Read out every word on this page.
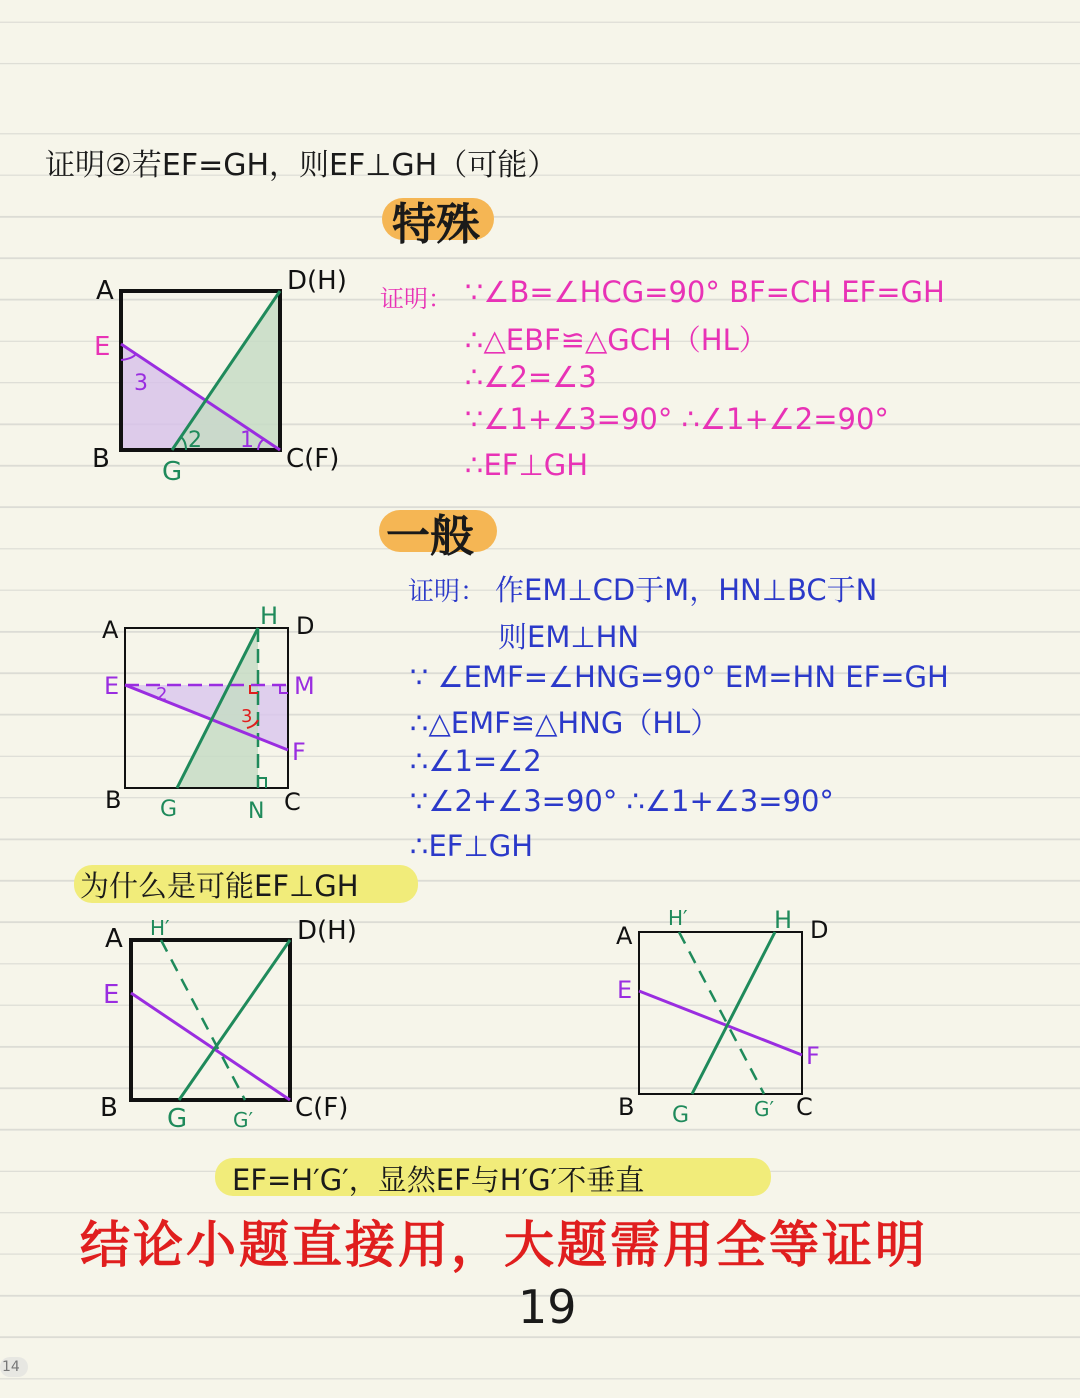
证明②若EF=GH，则EF⊥GH（可能）
特殊
A	D(H)
E
B G	C(F)
3
2 1
证明： ∵∠B=∠HCG=90° BF=CH EF=GH
∴△EBF≌△GCH（HL）
∴∠2=∠3
∵∠1+∠3=90° ∴∠1+∠2=90°
∴EF⊥GH
一般
A	H D
E	M
F
B G	N C
2
3
证明： 作EM⊥CD于M，HN⊥BC于N
则EM⊥HN
∵ ∠EMF=∠HNG=90° EM=HN EF=GH
∴△EMF≌△HNG（HL）
∴∠1=∠2
∵∠2+∠3=90° ∴∠1+∠3=90°
∴EF⊥GH
为什么是可能EF⊥GH
A H′	D(H)
E
B G G′ C(F)
A
H′	H D
E
F
B G	G′ C
EF=H′G′，显然EF与H′G′不垂直
结论小题直接用，大题需用全等证明
19
14
